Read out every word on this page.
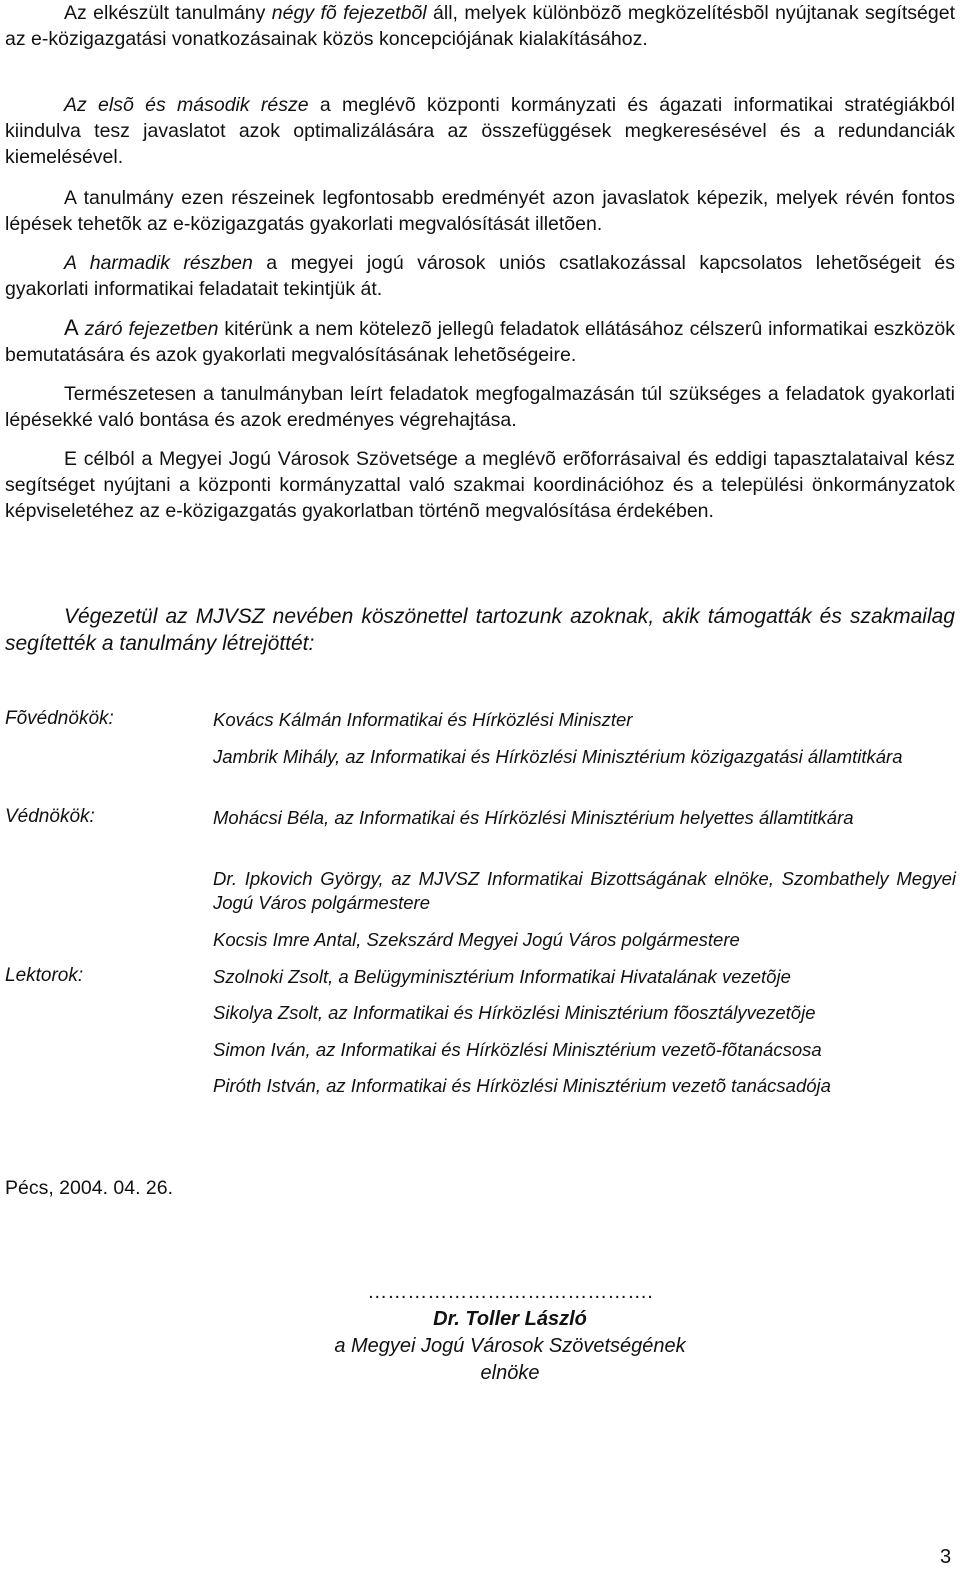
Az elkészült tanulmány négy fõ fejezetbõl áll, melyek különbözõ megközelítésbõl nyújtanak segítséget az e-közigazgatási vonatkozásainak közös koncepciójának kialakításához.

Az elsõ és második része a meglévõ központi kormányzati és ágazati informatikai stratégiákból kiindulva tesz javaslatot azok optimalizálására az összefüggések megkeresésével és a redundanciák kiemelésével.

A tanulmány ezen részeinek legfontosabb eredményét azon javaslatok képezik, melyek révén fontos lépések tehetõk az e-közigazgatás gyakorlati megvalósítását illetõen.

A harmadik részben a megyei jogú városok uniós csatlakozással kapcsolatos lehetõségeit és gyakorlati informatikai feladatait tekintjük át.

A záró fejezetben kitérünk a nem kötelezõ jellegû feladatok ellátásához célszerû informatikai eszközök bemutatására és azok gyakorlati megvalósításának lehetõségeire.

Természetesen a tanulmányban leírt feladatok megfogalmazásán túl szükséges a feladatok gyakorlati lépésekké való bontása és azok eredményes végrehajtása.

E célból a Megyei Jogú Városok Szövetsége a meglévõ erõforrásaival és eddigi tapasztalataival kész segítséget nyújtani a központi kormányzattal való szakmai koordinációhoz és a települési önkormányzatok képviseletéhez az e-közigazgatás gyakorlatban történõ megvalósítása érdekében.

Végezetül az MJVSZ nevében köszönettel tartozunk azoknak, akik támogatták és szakmailag segítették a tanulmány létrejöttét:

Fõvédnökök:	Kovács Kálmán Informatikai és Hírközlési Miniszter

Jambrik Mihály, az Informatikai és Hírközlési Minisztérium közigazgatási államtitkára

Védnökök:	Mohácsi Béla, az Informatikai és Hírközlési Minisztérium helyettes államtitkára

Dr. Ipkovich György, az MJVSZ Informatikai Bizottságának elnöke, Szombathely Megyei Jogú Város polgármestere

Kocsis Imre Antal, Szekszárd Megyei Jogú Város polgármestere

Lektorok:	Szolnoki Zsolt, a Belügyminisztérium Informatikai Hivatalának vezetõje

Sikolya Zsolt, az Informatikai és Hírközlési Minisztérium fõosztályvezetõje

Simon Iván, az Informatikai és Hírközlési Minisztérium vezetõ-fõtanácsosa

Piróth István, az Informatikai és Hírközlési Minisztérium vezetõ tanácsadója

Pécs, 2004. 04. 26.
…………………………………….
Dr. Toller László
a Megyei Jogú Városok Szövetségének
elnöke
3
